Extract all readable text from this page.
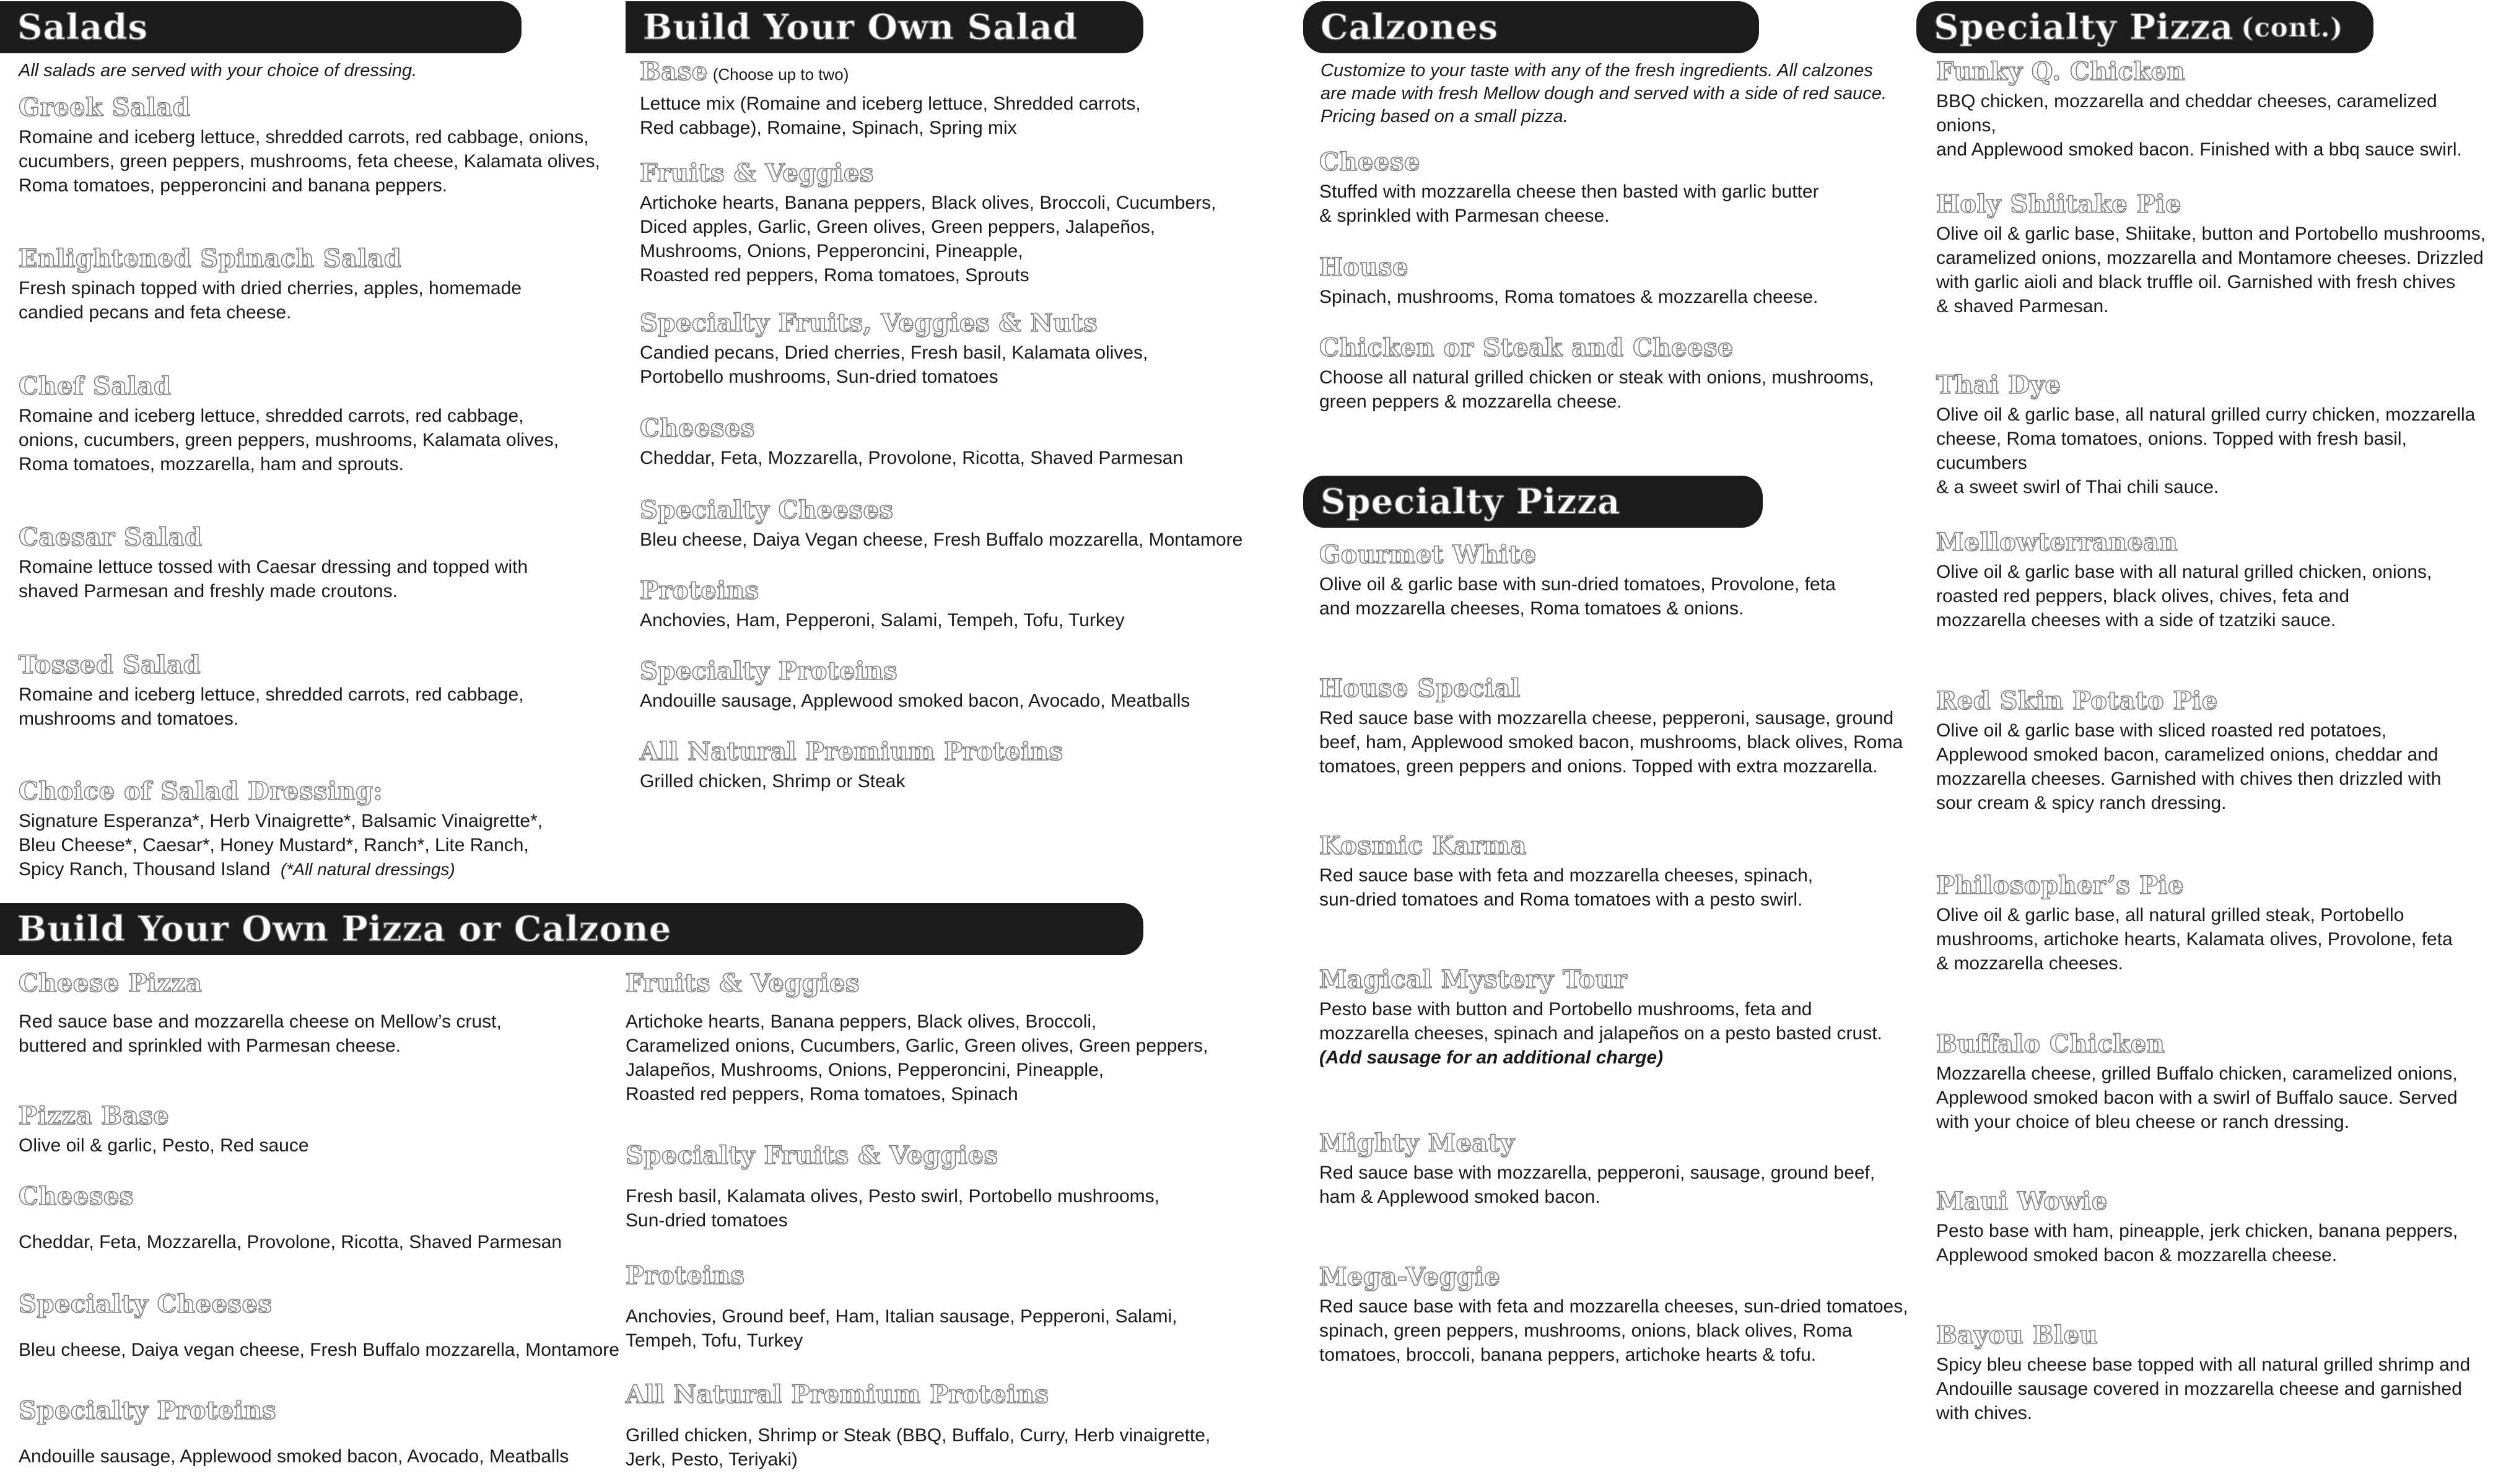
Salads
All salads are served with your choice of dressing.
Greek Salad
Romaine and iceberg lettuce, shredded carrots, red cabbage, onions,
cucumbers, green peppers, mushrooms, feta cheese, Kalamata olives,
Roma tomatoes, pepperoncini and banana peppers.
Enlightened Spinach Salad
Fresh spinach topped with dried cherries, apples, homemade
candied pecans and feta cheese.
Chef Salad
Romaine and iceberg lettuce, shredded carrots, red cabbage,
onions, cucumbers, green peppers, mushrooms, Kalamata olives,
Roma tomatoes, mozzarella, ham and sprouts.
Caesar Salad
Romaine lettuce tossed with Caesar dressing and topped with
shaved Parmesan and freshly made croutons.
Tossed Salad
Romaine and iceberg lettuce, shredded carrots, red cabbage,
mushrooms and tomatoes.
Choice of Salad Dressing:
Signature Esperanza*, Herb Vinaigrette*, Balsamic Vinaigrette*,
Bleu Cheese*, Caesar*, Honey Mustard*, Ranch*, Lite Ranch,
Spicy Ranch, Thousand Island (*All natural dressings)
Build Your Own Salad
Base (Choose up to two)
Lettuce mix (Romaine and iceberg lettuce, Shredded carrots,
Red cabbage), Romaine, Spinach, Spring mix
Fruits & Veggies
Artichoke hearts, Banana peppers, Black olives, Broccoli, Cucumbers,
Diced apples, Garlic, Green olives, Green peppers, Jalapeños,
Mushrooms, Onions, Pepperoncini, Pineapple,
Roasted red peppers, Roma tomatoes, Sprouts
Specialty Fruits, Veggies & Nuts
Candied pecans, Dried cherries, Fresh basil, Kalamata olives,
Portobello mushrooms, Sun-dried tomatoes
Cheeses
Cheddar, Feta, Mozzarella, Provolone, Ricotta, Shaved Parmesan
Specialty Cheeses
Bleu cheese, Daiya Vegan cheese, Fresh Buffalo mozzarella, Montamore
Proteins
Anchovies, Ham, Pepperoni, Salami, Tempeh, Tofu, Turkey
Specialty Proteins
Andouille sausage, Applewood smoked bacon, Avocado, Meatballs
All Natural Premium Proteins
Grilled chicken, Shrimp or Steak
Build Your Own Pizza or Calzone
Cheese Pizza
Red sauce base and mozzarella cheese on Mellow’s crust,
buttered and sprinkled with Parmesan cheese.
Pizza Base
Olive oil & garlic, Pesto, Red sauce
Cheeses
Cheddar, Feta, Mozzarella, Provolone, Ricotta, Shaved Parmesan
Specialty Cheeses
Bleu cheese, Daiya vegan cheese, Fresh Buffalo mozzarella, Montamore
Specialty Proteins
Andouille sausage, Applewood smoked bacon, Avocado, Meatballs
Fruits & Veggies
Artichoke hearts, Banana peppers, Black olives, Broccoli,
Caramelized onions, Cucumbers, Garlic, Green olives, Green peppers,
Jalapeños, Mushrooms, Onions, Pepperoncini, Pineapple,
Roasted red peppers, Roma tomatoes, Spinach
Specialty Fruits & Veggies
Fresh basil, Kalamata olives, Pesto swirl, Portobello mushrooms,
Sun-dried tomatoes
Proteins
Anchovies, Ground beef, Ham, Italian sausage, Pepperoni, Salami,
Tempeh, Tofu, Turkey
All Natural Premium Proteins
Grilled chicken, Shrimp or Steak (BBQ, Buffalo, Curry, Herb vinaigrette,
Jerk, Pesto, Teriyaki)
Calzones
Customize to your taste with any of the fresh ingredients. All calzones
are made with fresh Mellow dough and served with a side of red sauce.
Pricing based on a small pizza.
Cheese
Stuffed with mozzarella cheese then basted with garlic butter
& sprinkled with Parmesan cheese.
House
Spinach, mushrooms, Roma tomatoes & mozzarella cheese.
Chicken or Steak and Cheese
Choose all natural grilled chicken or steak with onions, mushrooms,
green peppers & mozzarella cheese.
Specialty Pizza
Gourmet White
Olive oil & garlic base with sun-dried tomatoes, Provolone, feta
and mozzarella cheeses, Roma tomatoes & onions.
House Special
Red sauce base with mozzarella cheese, pepperoni, sausage, ground
beef, ham, Applewood smoked bacon, mushrooms, black olives, Roma
tomatoes, green peppers and onions. Topped with extra mozzarella.
Kosmic Karma
Red sauce base with feta and mozzarella cheeses, spinach,
sun-dried tomatoes and Roma tomatoes with a pesto swirl.
Magical Mystery Tour
Pesto base with button and Portobello mushrooms, feta and
mozzarella cheeses, spinach and jalapeños on a pesto basted crust.
(Add sausage for an additional charge)
Mighty Meaty
Red sauce base with mozzarella, pepperoni, sausage, ground beef,
ham & Applewood smoked bacon.
Mega-Veggie
Red sauce base with feta and mozzarella cheeses, sun-dried tomatoes,
spinach, green peppers, mushrooms, onions, black olives, Roma
tomatoes, broccoli, banana peppers, artichoke hearts & tofu.
Specialty Pizza (cont.)
Funky Q. Chicken
BBQ chicken, mozzarella and cheddar cheeses, caramelized onions,
and Applewood smoked bacon. Finished with a bbq sauce swirl.
Holy Shiitake Pie
Olive oil & garlic base, Shiitake, button and Portobello mushrooms,
caramelized onions, mozzarella and Montamore cheeses. Drizzled
with garlic aioli and black truffle oil. Garnished with fresh chives
& shaved Parmesan.
Thai Dye
Olive oil & garlic base, all natural grilled curry chicken, mozzarella
cheese, Roma tomatoes, onions. Topped with fresh basil, cucumbers
& a sweet swirl of Thai chili sauce.
Mellowterranean
Olive oil & garlic base with all natural grilled chicken, onions,
roasted red peppers, black olives, chives, feta and
mozzarella cheeses with a side of tzatziki sauce.
Red Skin Potato Pie
Olive oil & garlic base with sliced roasted red potatoes,
Applewood smoked bacon, caramelized onions, cheddar and
mozzarella cheeses. Garnished with chives then drizzled with
sour cream & spicy ranch dressing.
Philosopher’s Pie
Olive oil & garlic base, all natural grilled steak, Portobello
mushrooms, artichoke hearts, Kalamata olives, Provolone, feta
& mozzarella cheeses.
Buffalo Chicken
Mozzarella cheese, grilled Buffalo chicken, caramelized onions,
Applewood smoked bacon with a swirl of Buffalo sauce. Served
with your choice of bleu cheese or ranch dressing.
Maui Wowie
Pesto base with ham, pineapple, jerk chicken, banana peppers,
Applewood smoked bacon & mozzarella cheese.
Bayou Bleu
Spicy bleu cheese base topped with all natural grilled shrimp and
Andouille sausage covered in mozzarella cheese and garnished
with chives.
